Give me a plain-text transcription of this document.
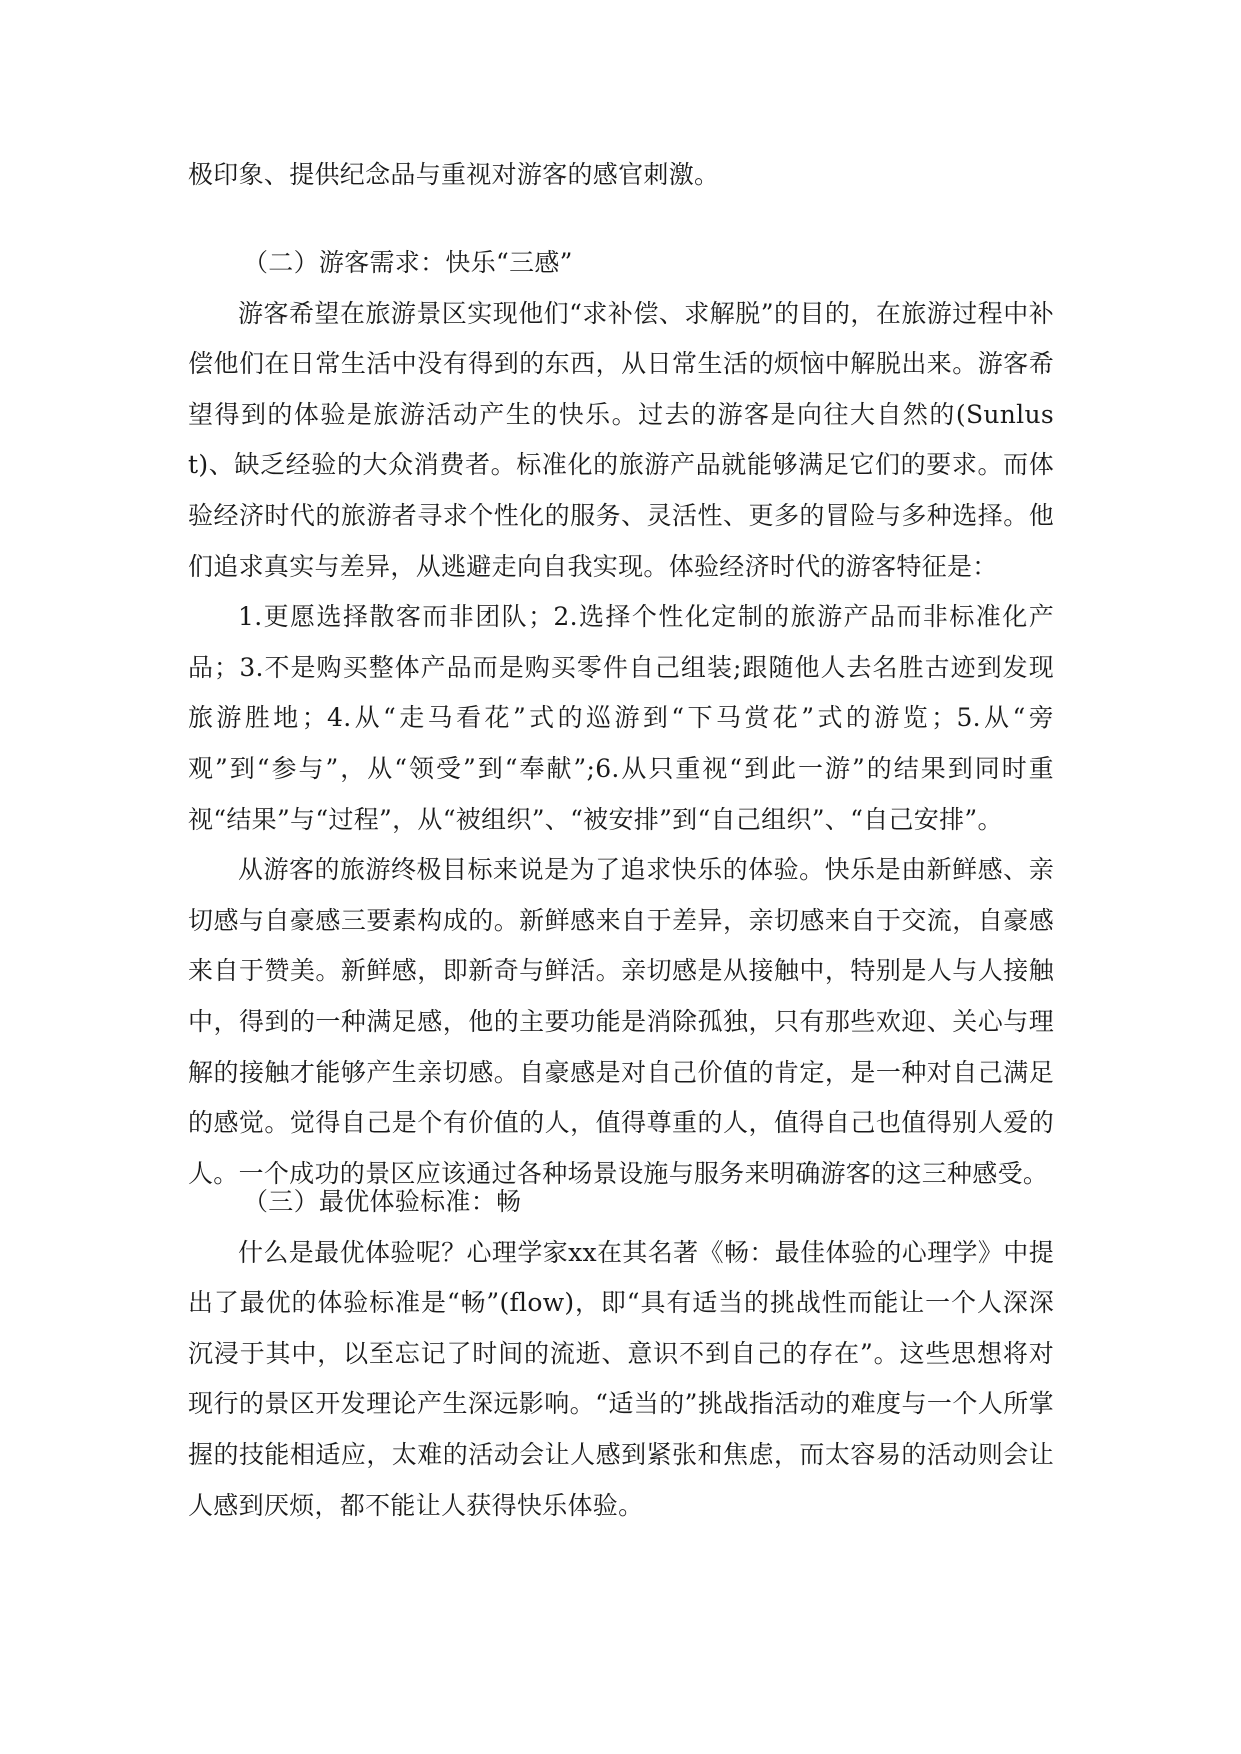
极印象、提供纪念品与重视对游客的感官刺激。

（二）游客需求：快乐“三感”

游客希望在旅游景区实现他们“求补偿、求解脱”的目的，在旅游过程中补偿他们在日常生活中没有得到的东西，从日常生活的烦恼中解脱出来。游客希望得到的体验是旅游活动产生的快乐。过去的游客是向往大自然的(Sunlust)、缺乏经验的大众消费者。标准化的旅游产品就能够满足它们的要求。而体验经济时代的旅游者寻求个性化的服务、灵活性、更多的冒险与多种选择。他们追求真实与差异，从逃避走向自我实现。体验经济时代的游客特征是：

1.更愿选择散客而非团队；2.选择个性化定制的旅游产品而非标准化产品；3.不是购买整体产品而是购买零件自己组装;跟随他人去名胜古迹到发现旅游胜地；4.从“走马看花”式的巡游到“下马赏花”式的游览；5.从“旁观”到“参与”，从“领受”到“奉献”;6.从只重视“到此一游”的结果到同时重视“结果”与“过程”，从“被组织”、“被安排”到“自己组织”、“自己安排”。

从游客的旅游终极目标来说是为了追求快乐的体验。快乐是由新鲜感、亲切感与自豪感三要素构成的。新鲜感来自于差异，亲切感来自于交流，自豪感来自于赞美。新鲜感，即新奇与鲜活。亲切感是从接触中，特别是人与人接触中，得到的一种满足感，他的主要功能是消除孤独，只有那些欢迎、关心与理解的接触才能够产生亲切感。自豪感是对自己价值的肯定，是一种对自己满足的感觉。觉得自己是个有价值的人，值得尊重的人，值得自己也值得别人爱的人。一个成功的景区应该通过各种场景设施与服务来明确游客的这三种感受。

（三）最优体验标准：畅

什么是最优体验呢？心理学家xx在其名著《畅：最佳体验的心理学》中提出了最优的体验标准是“畅”(flow)，即“具有适当的挑战性而能让一个人深深沉浸于其中，以至忘记了时间的流逝、意识不到自己的存在”。这些思想将对现行的景区开发理论产生深远影响。“适当的”挑战指活动的难度与一个人所掌握的技能相适应，太难的活动会让人感到紧张和焦虑，而太容易的活动则会让人感到厌烦，都不能让人获得快乐体验。
